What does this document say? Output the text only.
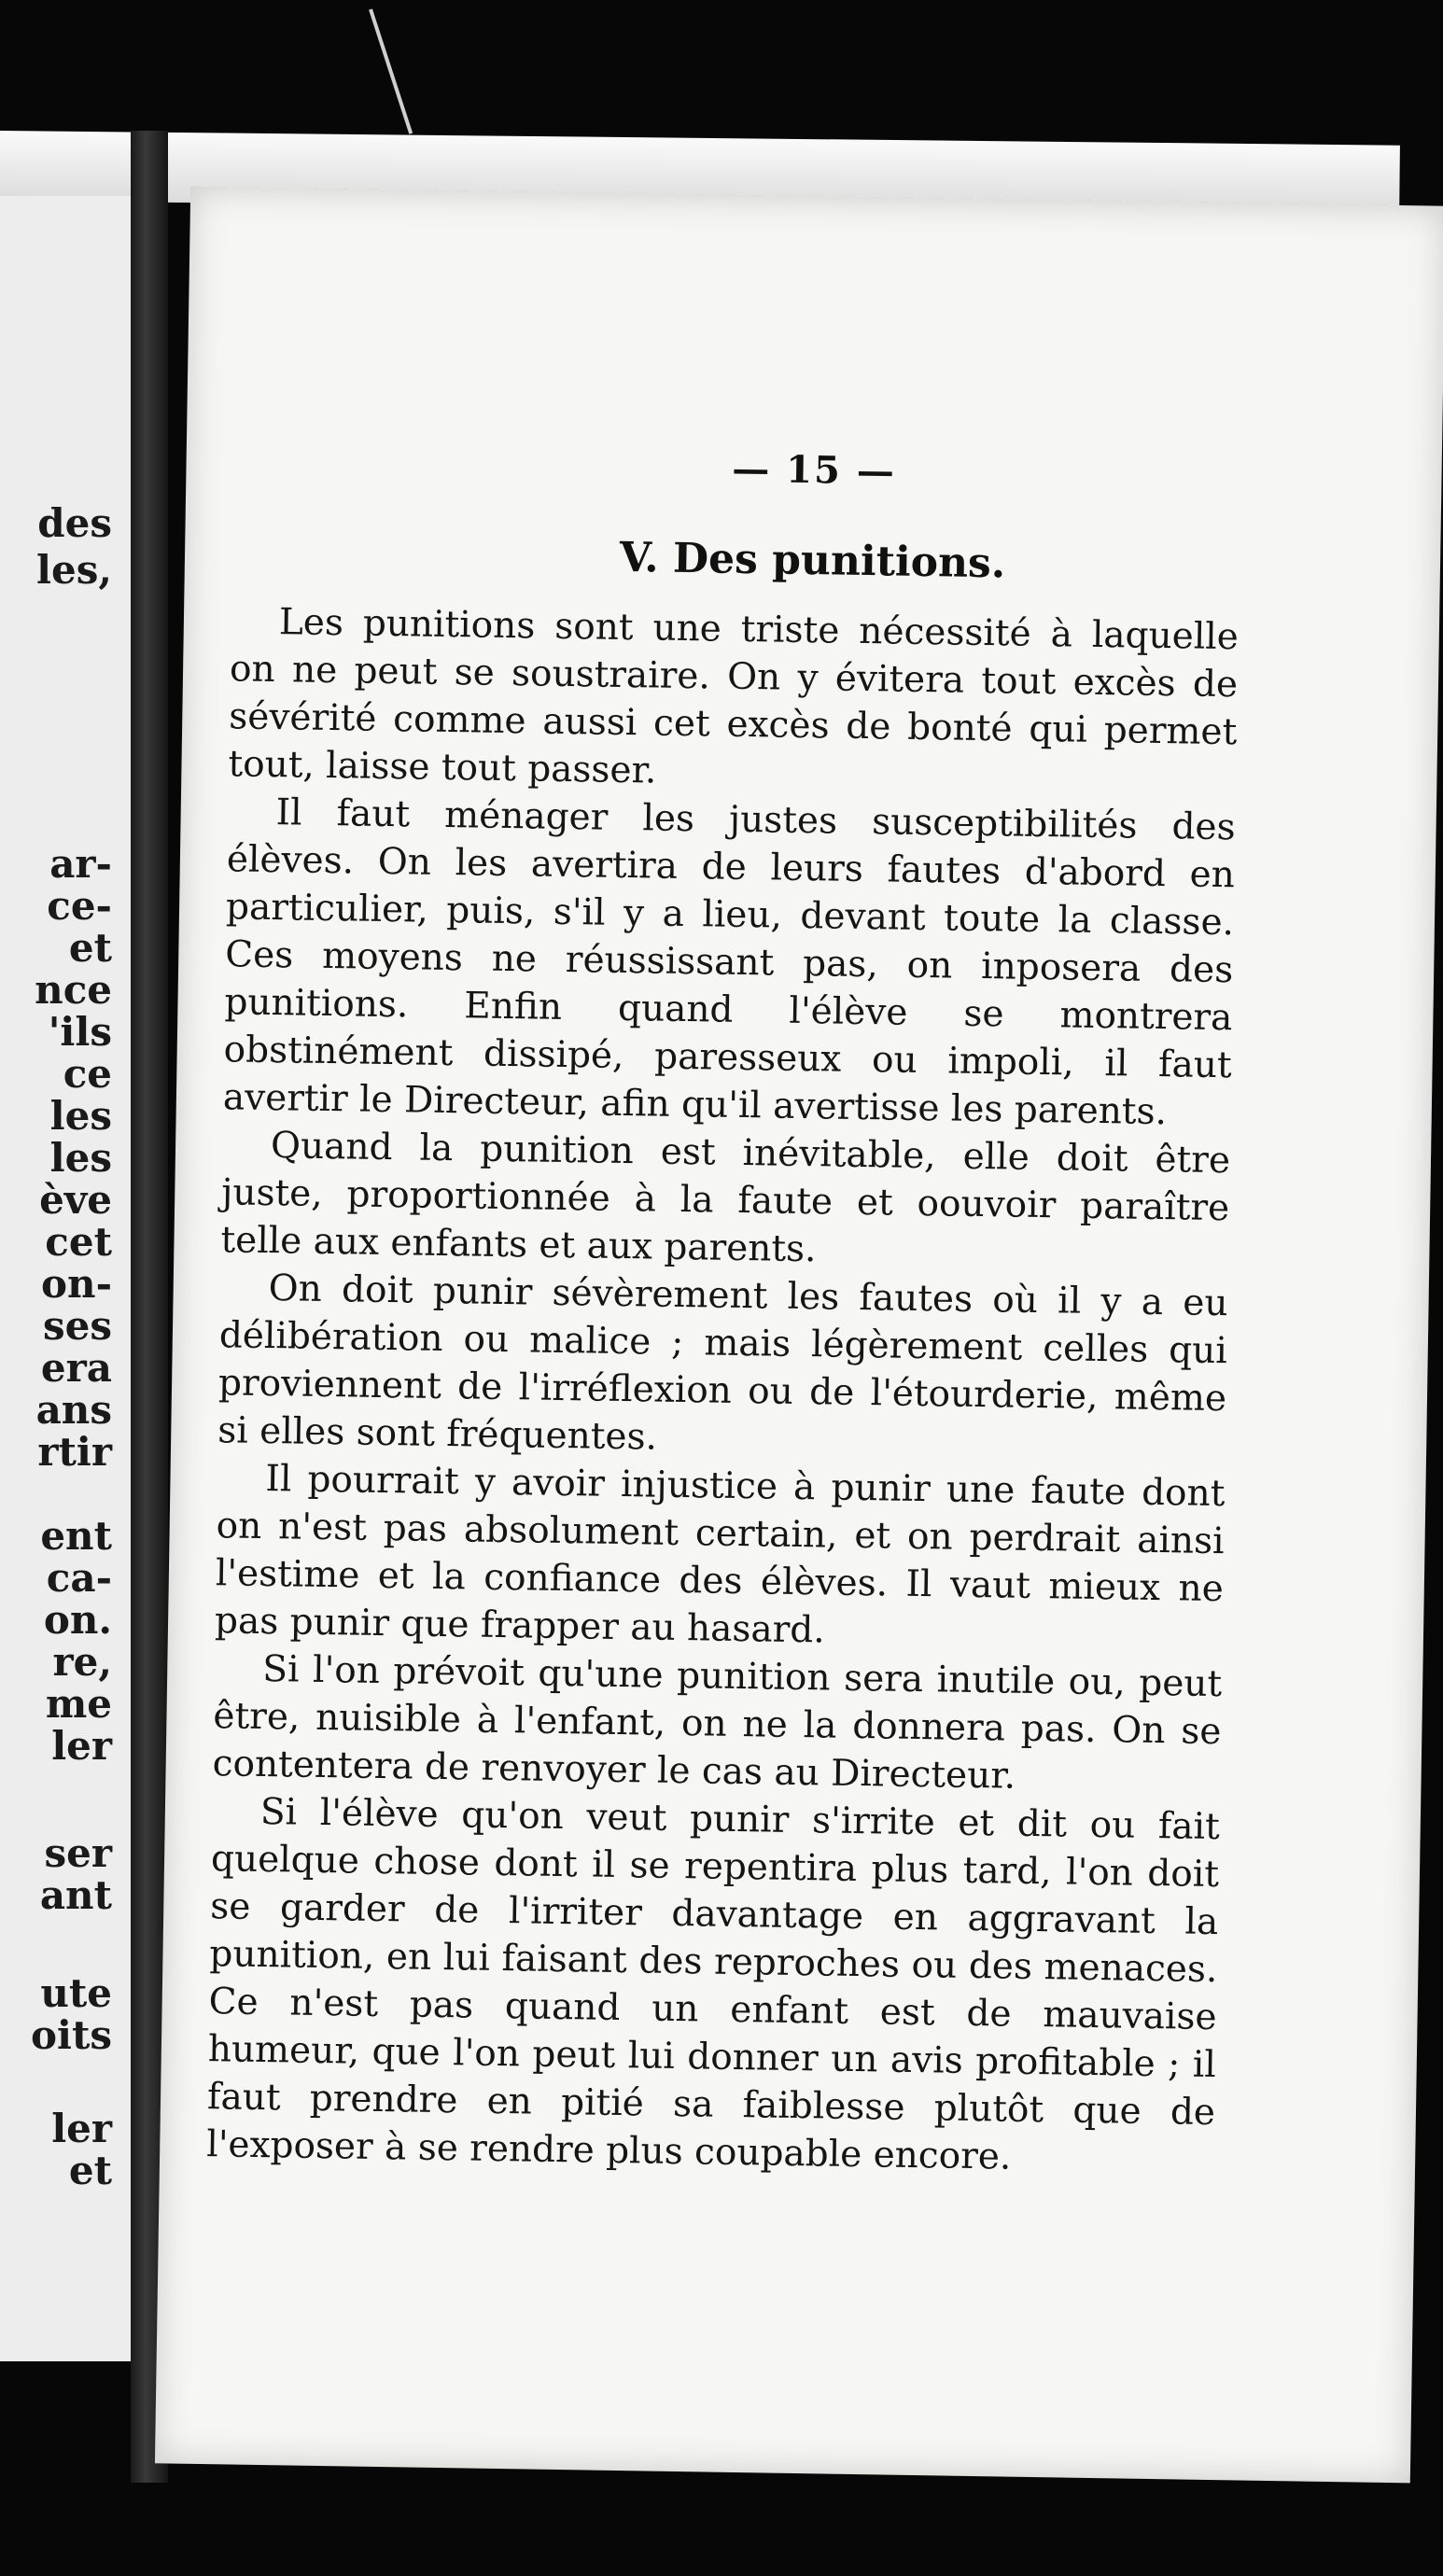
des
les,
ar-
ce-
et
nce
'ils
ce
les
les
ève
cet
on-
ses
era
ans
rtir
ent
ca-
on.
re,
me
ler
ser
ant
ute
oits
ler
et
— 15 —
V. Des punitions.

Les punitions sont une triste nécessité à laquelle on ne peut se soustraire. On y évitera tout excès de sévérité comme aussi cet excès de bonté qui permet tout, laisse tout passer.

Il faut ménager les justes susceptibilités des élèves. On les avertira de leurs fautes d'abord en particulier, puis, s'il y a lieu, devant toute la classe. Ces moyens ne réussissant pas, on inposera des punitions. Enfin quand l'élève se montrera obstinément dissipé, paresseux ou impoli, il faut avertir le Directeur, afin qu'il avertisse les parents.

Quand la punition est inévitable, elle doit être juste, proportionnée à la faute et oouvoir paraître telle aux enfants et aux parents.

On doit punir sévèrement les fautes où il y a eu délibération ou malice ; mais légèrement celles qui proviennent de l'irréflexion ou de l'étourderie, même si elles sont fréquentes.

Il pourrait y avoir injustice à punir une faute dont on n'est pas absolument certain, et on perdrait ainsi l'estime et la confiance des élèves. Il vaut mieux ne pas punir que frapper au hasard.

Si l'on prévoit qu'une punition sera inutile ou, peut être, nuisible à l'enfant, on ne la donnera pas. On se contentera de renvoyer le cas au Directeur.

Si l'élève qu'on veut punir s'irrite et dit ou fait quelque chose dont il se repentira plus tard, l'on doit se garder de l'irriter davantage en aggravant la punition, en lui faisant des reproches ou des menaces. Ce n'est pas quand un enfant est de mauvaise humeur, que l'on peut lui donner un avis profitable ; il faut prendre en pitié sa faiblesse plutôt que de l'exposer à se rendre plus coupable encore.
